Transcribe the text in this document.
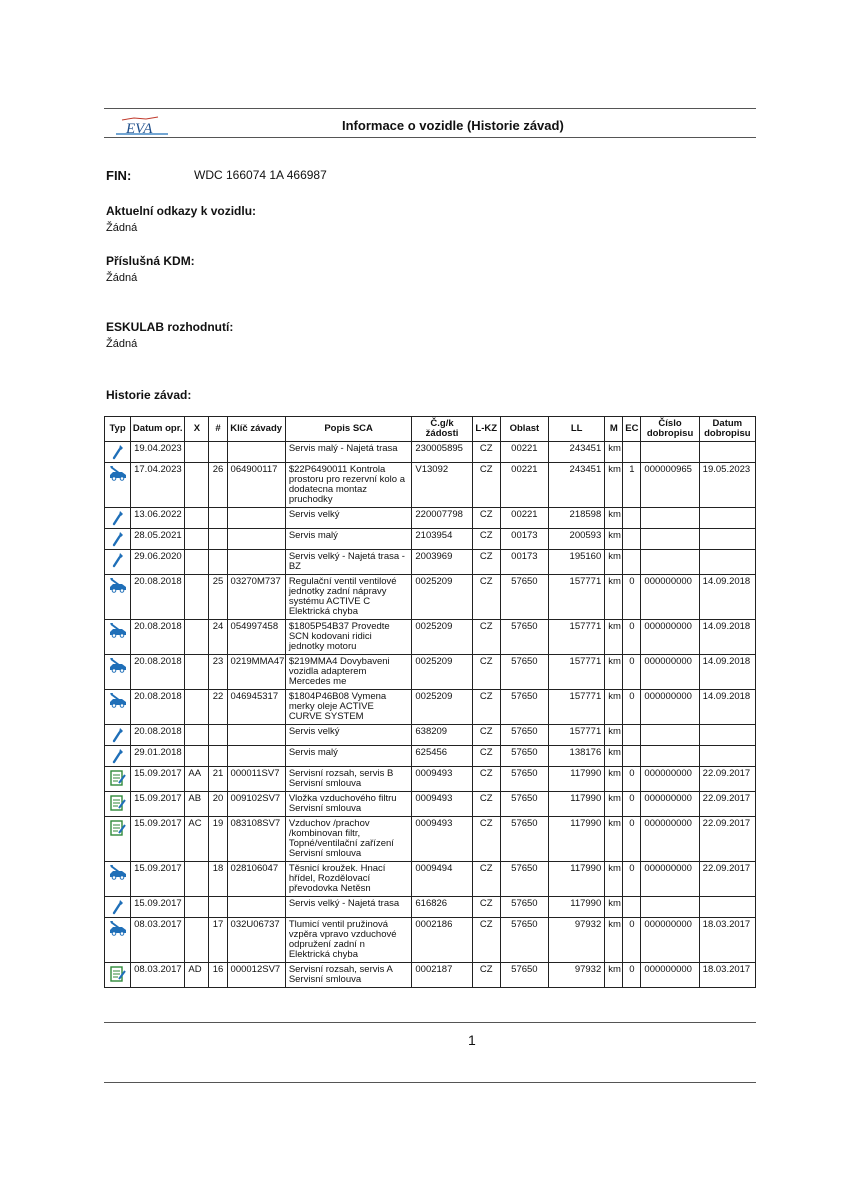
EVA	Informace o vozidle (Historie závad)
FIN:	WDC 166074 1A 466987
Aktuelní odkazy k vozidlu:
Žádná
Příslušná KDM:
Žádná
ESKULAB rozhodnutí:
Žádná
Historie závad:
Typ	Datum opr.	X	#	Klíč závady	Popis SCA	Č.g/k žádosti	L-KZ	Oblast	LL	M	EC	Číslo dobropisu	Datum dobropisu

	19.04.2023				Servis malý - Najetá trasa	230005895	CZ	00221	243451	km			

	17.04.2023		26	064900117	$22P6490011 Kontrola prostoru pro rezervní kolo a dodatecna montaz pruchodky	V13092	CZ	00221	243451	km	1	000000965	19.05.2023

	13.06.2022				Servis velký	220007798	CZ	00221	218598	km			

	28.05.2021				Servis malý	2103954	CZ	00173	200593	km			

	29.06.2020				Servis velký - Najetá trasa - BZ	2003969	CZ	00173	195160	km			

	20.08.2018		25	03270M737	Regulační ventil ventilové jednotky zadní nápravy systému ACTIVE C Elektrická chyba	0025209	CZ	57650	157771	km	0	000000000	14.09.2018

	20.08.2018		24	054997458	$1805P54B37 Provedte SCN kodovani ridici jednotky motoru	0025209	CZ	57650	157771	km	0	000000000	14.09.2018

	20.08.2018		23	0219MMA47	$219MMA4 Dovybaveni vozidla adapterem Mercedes me	0025209	CZ	57650	157771	km	0	000000000	14.09.2018

	20.08.2018		22	046945317	$1804P46B08 Vymena merky oleje ACTIVE CURVE SYSTEM	0025209	CZ	57650	157771	km	0	000000000	14.09.2018

	20.08.2018				Servis velký	638209	CZ	57650	157771	km			

	29.01.2018				Servis malý	625456	CZ	57650	138176	km			

	15.09.2017	AA	21	000011SV7	Servisní rozsah, servis B Servisní smlouva	0009493	CZ	57650	117990	km	0	000000000	22.09.2017

	15.09.2017	AB	20	009102SV7	Vložka vzduchového filtru Servisní smlouva	0009493	CZ	57650	117990	km	0	000000000	22.09.2017

	15.09.2017	AC	19	083108SV7	Vzduchov /prachov /kombinovan filtr, Topné/ventilační zařízení Servisní smlouva	0009493	CZ	57650	117990	km	0	000000000	22.09.2017

	15.09.2017		18	028106047	Těsnicí kroužek. Hnací hřídel, Rozdělovací převodovka Netěsn	0009494	CZ	57650	117990	km	0	000000000	22.09.2017

	15.09.2017				Servis velký - Najetá trasa	616826	CZ	57650	117990	km			

	08.03.2017		17	032U06737	Tlumicí ventil pružinová vzpěra vpravo vzduchové odpružení zadní n Elektrická chyba	0002186	CZ	57650	97932	km	0	000000000	18.03.2017

	08.03.2017	AD	16	000012SV7	Servisní rozsah, servis A Servisní smlouva	0002187	CZ	57650	97932	km	0	000000000	18.03.2017
1
